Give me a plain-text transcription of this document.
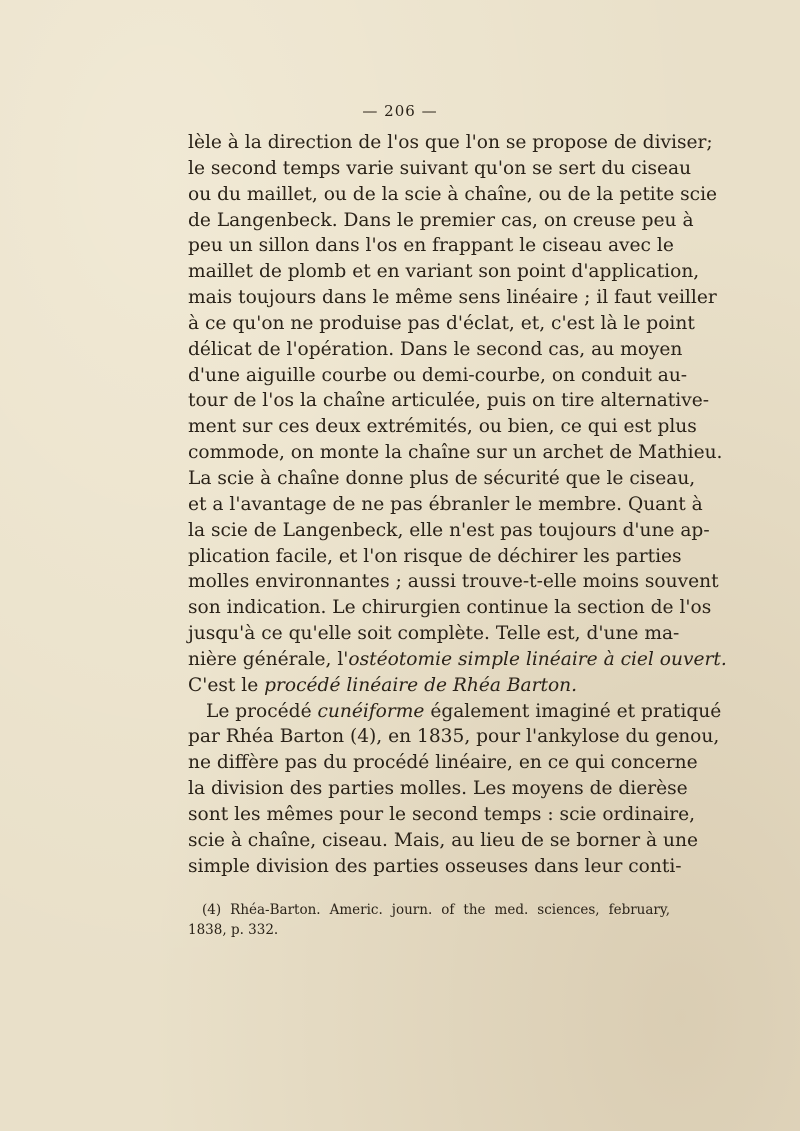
— 206 —
lèle à la direction de l'os que l'on se propose de diviser;
le second temps varie suivant qu'on se sert du ciseau
ou du maillet, ou de la scie à chaîne, ou de la petite scie
de Langenbeck. Dans le premier cas, on creuse peu à
peu un sillon dans l'os en frappant le ciseau avec le
maillet de plomb et en variant son point d'application,
mais toujours dans le même sens linéaire ; il faut veiller
à ce qu'on ne produise pas d'éclat, et, c'est là le point
délicat de l'opération. Dans le second cas, au moyen
d'une aiguille courbe ou demi-courbe, on conduit au-
tour de l'os la chaîne articulée, puis on tire alternative-
ment sur ces deux extrémités, ou bien, ce qui est plus
commode, on monte la chaîne sur un archet de Mathieu.
La scie à chaîne donne plus de sécurité que le ciseau,
et a l'avantage de ne pas ébranler le membre. Quant à
la scie de Langenbeck, elle n'est pas toujours d'une ap-
plication facile, et l'on risque de déchirer les parties
molles environnantes ; aussi trouve-t-elle moins souvent
son indication. Le chirurgien continue la section de l'os
jusqu'à ce qu'elle soit complète. Telle est, d'une ma-
nière générale, l'ostéotomie simple linéaire à ciel ouvert.
C'est le procédé linéaire de Rhéa Barton.
Le procédé cunéiforme également imaginé et pratiqué
par Rhéa Barton (4), en 1835, pour l'ankylose du genou,
ne diffère pas du procédé linéaire, en ce qui concerne
la division des parties molles. Les moyens de dierèse
sont les mêmes pour le second temps : scie ordinaire,
scie à chaîne, ciseau. Mais, au lieu de se borner à une
simple division des parties osseuses dans leur conti-
(4) Rhéa-Barton. Americ. journ. of the med. sciences, february,
1838, p. 332.
